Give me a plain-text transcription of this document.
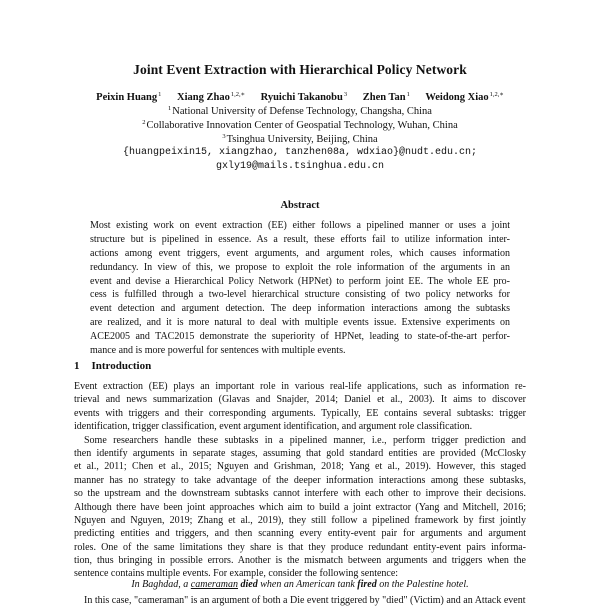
Joint Event Extraction with Hierarchical Policy Network
Peixin Huang$^1$ Xiang Zhao$^{1,2,∗}$ Ryuichi Takanobu$^3$ Zhen Tan$^1$ Weidong Xiao$^{1,2,∗}$
$^1$National University of Defense Technology, Changsha, China
$^2$Collaborative Innovation Center of Geospatial Technology, Wuhan, China
$^3$Tsinghua University, Beijing, China
{huangpeixin15, xiangzhao, tanzhen08a, wdxiao}@nudt.edu.cn;
gxly19@mails.tsinghua.edu.cn
Abstract
Most existing work on event extraction (EE) either follows a pipelined manner or uses a joint
structure but is pipelined in essence. As a result, these efforts fail to utilize information inter-
actions among event triggers, event arguments, and argument roles, which causes information
redundancy. In view of this, we propose to exploit the role information of the arguments in an
event and devise a Hierarchical Policy Network (HPNet) to perform joint EE. The whole EE pro-
cess is fulfilled through a two-level hierarchical structure consisting of two policy networks for
event detection and argument detection. The deep information interactions among the subtasks
are realized, and it is more natural to deal with multiple events issue. Extensive experiments on
ACE2005 and TAC2015 demonstrate the superiority of HPNet, leading to state-of-the-art perfor-
mance and is more powerful for sentences with multiple events.
1 Introduction
Event extraction (EE) plays an important role in various real-life applications, such as information re-
trieval and news summarization (Glavas and Snajder, 2014; Daniel et al., 2003). It aims to discover
events with triggers and their corresponding arguments. Typically, EE contains several subtasks: trigger
identification, trigger classification, event argument identification, and argument role classification.
Some researchers handle these subtasks in a pipelined manner, i.e., perform trigger prediction and
then identify arguments in separate stages, assuming that gold standard entities are provided (McClosky
et al., 2011; Chen et al., 2015; Nguyen and Grishman, 2018; Yang et al., 2019). However, this staged
manner has no strategy to take advantage of the deeper information interactions among these subtasks,
so the upstream and the downstream subtasks cannot interfere with each other to improve their decisions.
Although there have been joint approaches which aim to build a joint extractor (Yang and Mitchell, 2016;
Nguyen and Nguyen, 2019; Zhang et al., 2019), they still follow a pipelined framework by first jointly
predicting entities and triggers, and then scanning every entity-event pair for arguments and argument
roles. One of the same limitations they share is that they produce redundant entity-event pairs informa-
tion, thus bringing in possible errors. Another is the mismatch between arguments and triggers when the
sentence contains multiple events. For example, consider the following sentence:
In Baghdad, a cameraman died when an American tank fired on the Palestine hotel.
In this case, "cameraman" is an argument of both a Die event triggered by "died" (Victim) and an Attack event
